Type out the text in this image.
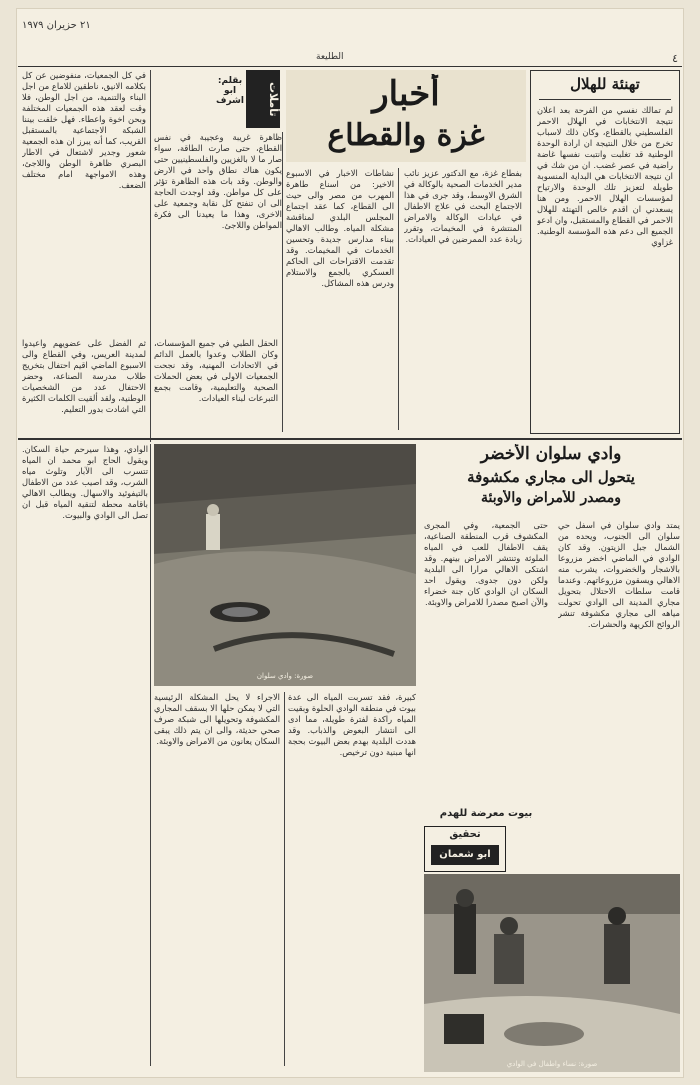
٢١ حزيران ١٩٧٩
الطليعة	٤
تهنئة للهلال
لم تمالك نفسي من الفرحة بعد اعلان نتيجة الانتخابات في الهلال الاحمر الفلسطيني بالقطاع، وكان ذلك لاسباب تخرج من خلال النتيجة ان ارادة الوحدة الوطنية قد تغلبت وانتبت نفسها غاضة راضية في عصر غضب. ان من شك في ان نتيجة الانتخابات هي البداية المنسوبة طويلة لتعزيز تلك الوحدة والارتياح لمؤسسات الهلال الاحمر. ومن هنا يسعدني ان اقدم خالص التهنئة للهلال الاحمر في القطاع والمستقبل، وان ادعو الجميع الى دعم هذه المؤسسة الوطنية. غزاوي
أخبار
غزة والقطاع
تأملات
بقلم: ابو اشرف
في كل الجمعيات، منفوضين عن كل بكلامه الانيق، ناطقين للاماع من اجل البناء والتنمية، من اجل الوطن، فلا وقت لعقد هذه الجمعيات المختلفة وبحن اخوة واعطاء. فهل خلقت بيننا الشبكة الاجتماعية بالمستقبل القريب، كما أنه يبرز ان هذه الجمعية شعور وجدير لاشتعال في الاطار البصري ظاهرة الوطن واللاجئ، وهذه الامواجهة امام مختلف الضعف.
ظاهرة غريبة وعجيبة في نفس القطاع، حتى صارت الطاقة، سواء صار ما لا بالغزيين والفلسطينيين حتى يكون هناك نطاق واحد في الارض والوطن. وقد بات هذه الظاهرة تؤثر على كل مواطن. وقد اوجدت الحاجة الى ان تنفتح كل نقابة وجمعية على الاخرى، وهذا ما يعيدنا الى فكرة المواطن واللاجئ.
بفطاع غزة، مع الدكتور عزيز نائب مدير الخدمات الصحية بالوكالة في الشرق الاوسط، وقد جرى في هذا الاجتماع البحث في علاج الاطفال في عيادات الوكالة والامراض المنتشرة في المخيمات، وتقرر زيادة عدد الممرضين في العيادات.
نشاطات الاخبار في الاسبوع الاخير: من اسناع طاهرة المهرب من مصر والى حيث الى القطاع، كما عقد اجتماع المجلس البلدي لمناقشة مشكلة المياه. وطالب الاهالي ببناء مدارس جديدة وتحسين الخدمات في المخيمات. وقد تقدمت الاقتراحات الى الحاكم العسكري بالجمع والاستلام ودرس هذه المشاكل.
الحقل الطبي في جميع المؤسسات، وكان الطلاب وعدوا بالعمل الدائم في الاتحادات المهنية، وقد نجحت الجمعيات الاولى في بعض الحملات الصحية والتعليمية، وقامت بجمع التبرعات لبناء العيادات.
ثم الفضل على عضويهم واعيدوا لمدينة العريس، وفي القطاع والى الاسبوع الماضي اقيم احتفال بتخريج طلاب مدرسة الصناعة، وحضر الاحتفال عدد من الشخصيات الوطنية، ولقد ألقيت الكلمات الكثيرة التي اشادت بدور التعليم.
وادي سلوان الأخضر
يتحول الى مجاري مكشوفة
ومصدر للأمراض والأوبئة
صورة: وادي سلوان
الوادي، وهذا سيرحم حياة السكان. ويقول الحاج ابو محمد ان المياه تتسرب الى الآبار وتلوث مياه الشرب، وقد اصيب عدد من الاطفال بالتيفوئيد والاسهال. ويطالب الاهالي باقامة محطة لتنقية المياه قبل ان تصل الى الوادي والبيوت.
يمتد وادي سلوان في اسفل حي سلوان الى الجنوب، ويحده من الشمال جبل الزيتون. وقد كان الوادي في الماضي اخضر مزروعا بالاشجار والخضروات، يشرب منه الاهالي ويسقون مزروعاتهم. وعندما قامت سلطات الاحتلال بتحويل مجاري المدينة الى الوادي تحولت مياهه الى مجاري مكشوفة تنشر الروائح الكريهة والحشرات.
حتى الجمعية، وفي المجرى المكشوف قرب المنطقة الصناعية، يقف الاطفال للعب في المياه الملوثة وتنتشر الامراض بينهم. وقد اشتكى الاهالي مرارا الى البلدية ولكن دون جدوى. ويقول احد السكان ان الوادي كان جنة خضراء والآن اصبح مصدرا للامراض والاوبئة.
كبيرة، فقد تسربت المياه الى عدة بيوت في منطقة الوادي الحلوة وبقيت المياه راكدة لفترة طويلة، مما ادى الى انتشار البعوض والذباب. وقد هددت البلدية بهدم بعض البيوت بحجة انها مبنية دون ترخيص.
الاجراء لا يحل المشكلة الرئيسية التي لا يمكن حلها الا بسقف المجاري المكشوفة وتحويلها الى شبكة صرف صحي حديثة، والى ان يتم ذلك يبقى السكان يعانون من الامراض والاوبئة.
بيوت معرضة للهدم
تحقيق
ابو شعمان
صورة: نساء واطفال في الوادي
